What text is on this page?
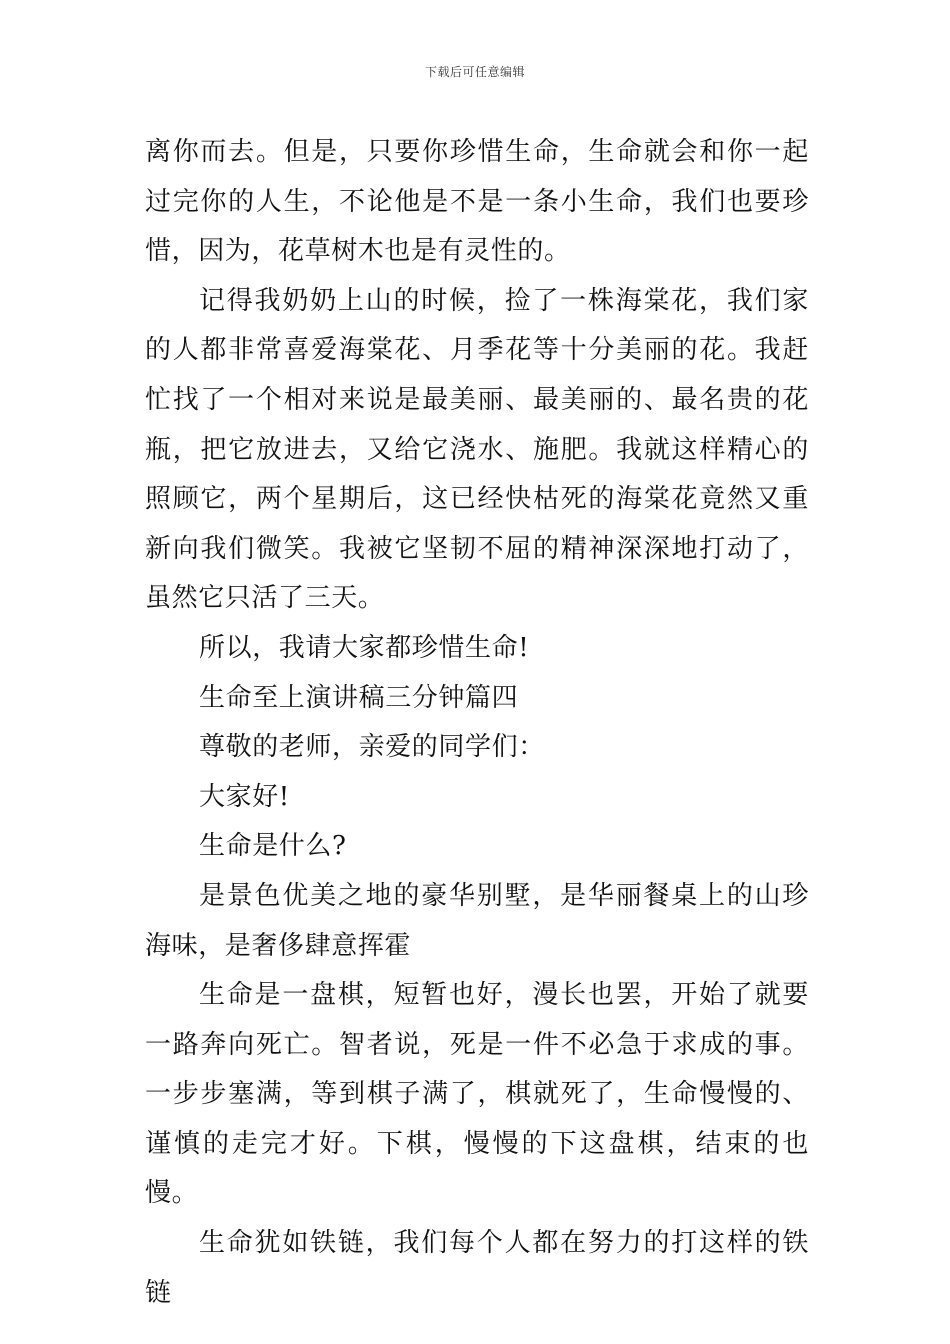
下载后可任意编辑

离你而去。但是，只要你珍惜生命，生命就会和你一起过完你的人生，不论他是不是一条小生命，我们也要珍惜，因为，花草树木也是有灵性的。

记得我奶奶上山的时候，捡了一株海棠花，我们家的人都非常喜爱海棠花、月季花等十分美丽的花。我赶忙找了一个相对来说是最美丽、最美丽的、最名贵的花瓶，把它放进去，又给它浇水、施肥。我就这样精心的照顾它，两个星期后，这已经快枯死的海棠花竟然又重新向我们微笑。我被它坚韧不屈的精神深深地打动了，虽然它只活了三天。

所以，我请大家都珍惜生命!

生命至上演讲稿三分钟篇四

尊敬的老师，亲爱的同学们：

大家好!

生命是什么?

是景色优美之地的豪华别墅，是华丽餐桌上的山珍海味，是奢侈肆意挥霍

生命是一盘棋，短暂也好，漫长也罢，开始了就要一路奔向死亡。智者说，死是一件不必急于求成的事。一步步塞满，等到棋子满了，棋就死了，生命慢慢的、谨慎的走完才好。下棋，慢慢的下这盘棋，结束的也慢。

生命犹如铁链，我们每个人都在努力的打这样的铁链
